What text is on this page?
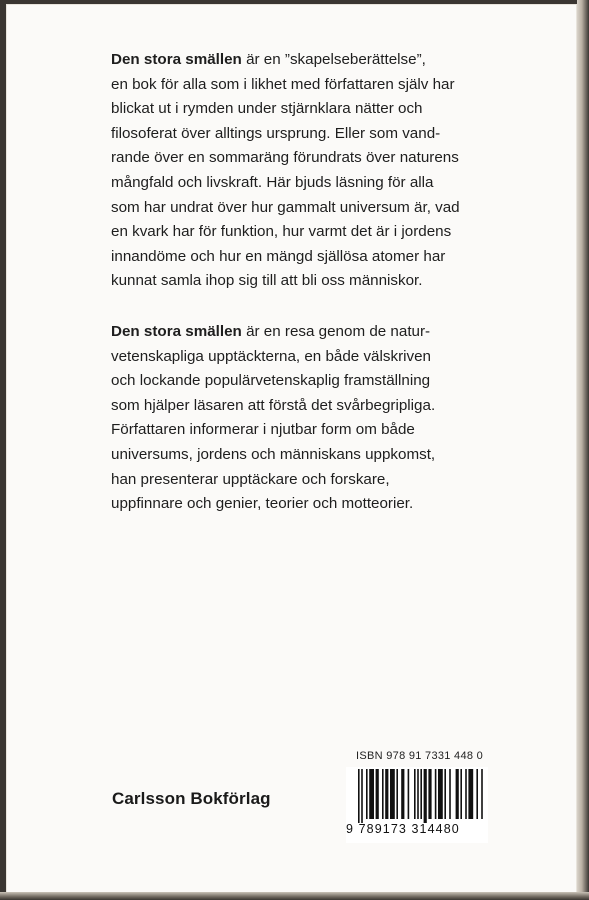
Den stora smällen är en ”skapelseberättelse”,
en bok för alla som i likhet med författaren själv har
blickat ut i rymden under stjärnklara nätter och
filosoferat över alltings ursprung. Eller som vand-
rande över en sommaräng förundrats över naturens
mångfald och livskraft. Här bjuds läsning för alla
som har undrat över hur gammalt universum är, vad
en kvark har för funktion, hur varmt det är i jordens
innandöme och hur en mängd själlösa atomer har
kunnat samla ihop sig till att bli oss människor.

Den stora smällen är en resa genom de natur-
vetenskapliga upptäckterna, en både välskriven
och lockande populärvetenskaplig framställning
som hjälper läsaren att förstå det svårbegripliga.
Författaren informerar i njutbar form om både
universums, jordens och människans uppkomst,
han presenterar upptäckare och forskare,
uppfinnare och genier, teorier och motteorier.

Carlsson Bokförlag
ISBN 978 91 7331 448 0
9 789173 314480
